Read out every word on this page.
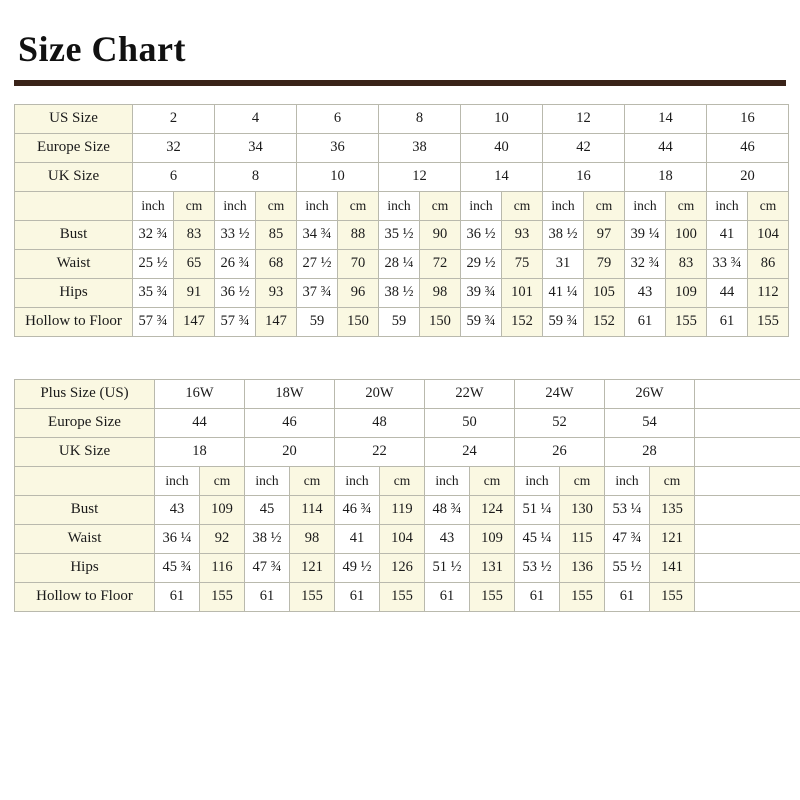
Size Chart
US Size	2		4		6		8		10		12		14		16	
Europe Size	32		34		36		38		40		42		44		46	
UK Size	6		8		10		12		14		16		18		20	
	inch	cm	inch	cm	inch	cm	inch	cm	inch	cm	inch	cm	inch	cm	inch	cm
Bust	32 ¾	83	33 ½	85	34 ¾	88	35 ½	90	36 ½	93	38 ½	97	39 ¼	100	41	104
Waist	25 ½	65	26 ¾	68	27 ½	70	28 ¼	72	29 ½	75	31	79	32 ¾	83	33 ¾	86
Hips	35 ¾	91	36 ½	93	37 ¾	96	38 ½	98	39 ¾	101	41 ¼	105	43	109	44	112
Hollow to Floor	57 ¾	147	57 ¾	147	59	150	59	150	59 ¾	152	59 ¾	152	61	155	61	155
Plus Size (US)	16W		18W		20W		22W		24W		26W		
Europe Size	44		46		48		50		52		54		
UK Size	18		20		22		24		26		28		
	inch	cm	inch	cm	inch	cm	inch	cm	inch	cm	inch	cm	
Bust	43	109	45	114	46 ¾	119	48 ¾	124	51 ¼	130	53 ¼	135	
Waist	36 ¼	92	38 ½	98	41	104	43	109	45 ¼	115	47 ¾	121	
Hips	45 ¾	116	47 ¾	121	49 ½	126	51 ½	131	53 ½	136	55 ½	141	
Hollow to Floor	61	155	61	155	61	155	61	155	61	155	61	155	
